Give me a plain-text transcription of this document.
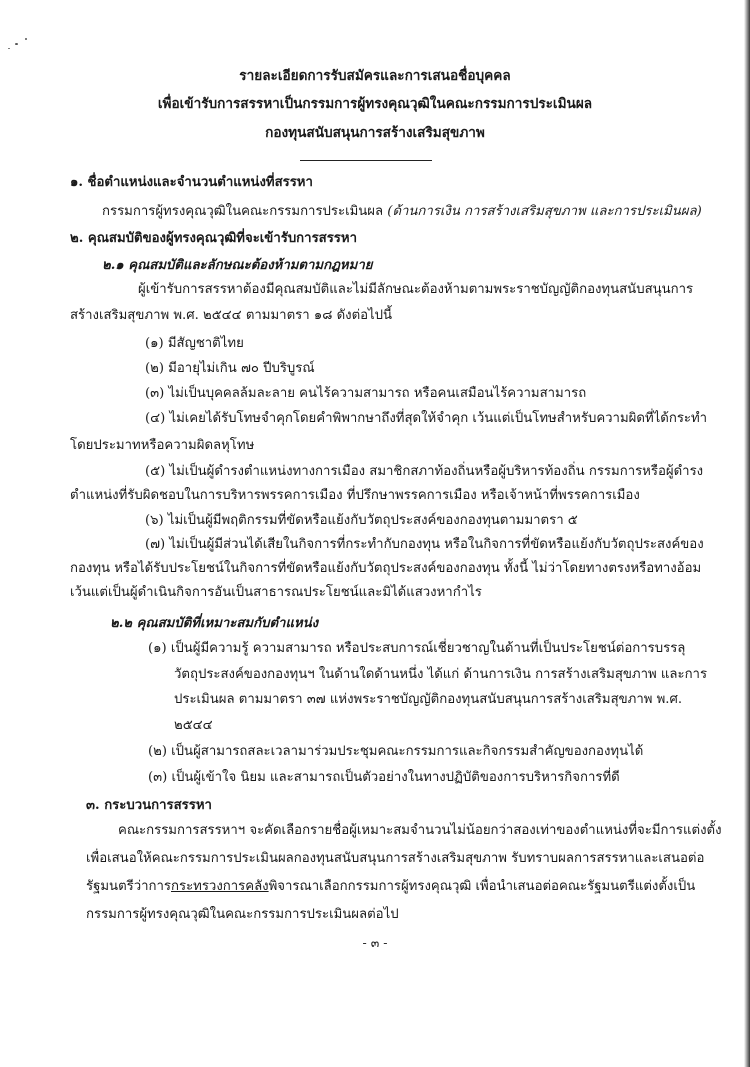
รายละเอียดการรับสมัครและการเสนอชื่อบุคคล
เพื่อเข้ารับการสรรหาเป็นกรรมการผู้ทรงคุณวุฒิในคณะกรรมการประเมินผล
กองทุนสนับสนุนการสร้างเสริมสุขภาพ
๑. ชื่อตำแหน่งและจำนวนตำแหน่งที่สรรหา
กรรมการผู้ทรงคุณวุฒิในคณะกรรมการประเมินผล (ด้านการเงิน การสร้างเสริมสุขภาพ และการประเมินผล)
๒. คุณสมบัติของผู้ทรงคุณวุฒิที่จะเข้ารับการสรรหา
๒.๑ คุณสมบัติและลักษณะต้องห้ามตามกฎหมาย
ผู้เข้ารับการสรรหาต้องมีคุณสมบัติและไม่มีลักษณะต้องห้ามตามพระราชบัญญัติกองทุนสนับสนุนการ
สร้างเสริมสุขภาพ พ.ศ. ๒๕๔๔ ตามมาตรา ๑๘ ดังต่อไปนี้
(๑) มีสัญชาติไทย
(๒) มีอายุไม่เกิน ๗๐ ปีบริบูรณ์
(๓) ไม่เป็นบุคคลล้มละลาย คนไร้ความสามารถ หรือคนเสมือนไร้ความสามารถ
(๔) ไม่เคยได้รับโทษจำคุกโดยคำพิพากษาถึงที่สุดให้จำคุก เว้นแต่เป็นโทษสำหรับความผิดที่ได้กระทำ
โดยประมาทหรือความผิดลหุโทษ
(๕) ไม่เป็นผู้ดำรงตำแหน่งทางการเมือง สมาชิกสภาท้องถิ่นหรือผู้บริหารท้องถิ่น กรรมการหรือผู้ดำรง
ตำแหน่งที่รับผิดชอบในการบริหารพรรคการเมือง ที่ปรึกษาพรรคการเมือง หรือเจ้าหน้าที่พรรคการเมือง
(๖) ไม่เป็นผู้มีพฤติกรรมที่ขัดหรือแย้งกับวัตถุประสงค์ของกองทุนตามมาตรา ๕
(๗) ไม่เป็นผู้มีส่วนได้เสียในกิจการที่กระทำกับกองทุน หรือในกิจการที่ขัดหรือแย้งกับวัตถุประสงค์ของ
กองทุน หรือได้รับประโยชน์ในกิจการที่ขัดหรือแย้งกับวัตถุประสงค์ของกองทุน ทั้งนี้ ไม่ว่าโดยทางตรงหรือทางอ้อม
เว้นแต่เป็นผู้ดำเนินกิจการอันเป็นสาธารณประโยชน์และมิได้แสวงหากำไร
๒.๒ คุณสมบัติที่เหมาะสมกับตำแหน่ง
(๑) เป็นผู้มีความรู้ ความสามารถ หรือประสบการณ์เชี่ยวชาญในด้านที่เป็นประโยชน์ต่อการบรรลุ
วัตถุประสงค์ของกองทุนฯ ในด้านใดด้านหนึ่ง ได้แก่ ด้านการเงิน การสร้างเสริมสุขภาพ และการ
ประเมินผล ตามมาตรา ๓๗ แห่งพระราชบัญญัติกองทุนสนับสนุนการสร้างเสริมสุขภาพ พ.ศ.
๒๕๔๔
(๒) เป็นผู้สามารถสละเวลามาร่วมประชุมคณะกรรมการและกิจกรรมสำคัญของกองทุนได้
(๓) เป็นผู้เข้าใจ นิยม และสามารถเป็นตัวอย่างในทางปฏิบัติของการบริหารกิจการที่ดี
๓. กระบวนการสรรหา
คณะกรรมการสรรหาฯ จะคัดเลือกรายชื่อผู้เหมาะสมจำนวนไม่น้อยกว่าสองเท่าของตำแหน่งที่จะมีการแต่งตั้ง
เพื่อเสนอให้คณะกรรมการประเมินผลกองทุนสนับสนุนการสร้างเสริมสุขภาพ รับทราบผลการสรรหาและเสนอต่อ
รัฐมนตรีว่าการกระทรวงการคลังพิจารณาเลือกกรรมการผู้ทรงคุณวุฒิ เพื่อนำเสนอต่อคณะรัฐมนตรีแต่งตั้งเป็น
กรรมการผู้ทรงคุณวุฒิในคณะกรรมการประเมินผลต่อไป
- ๓ -
